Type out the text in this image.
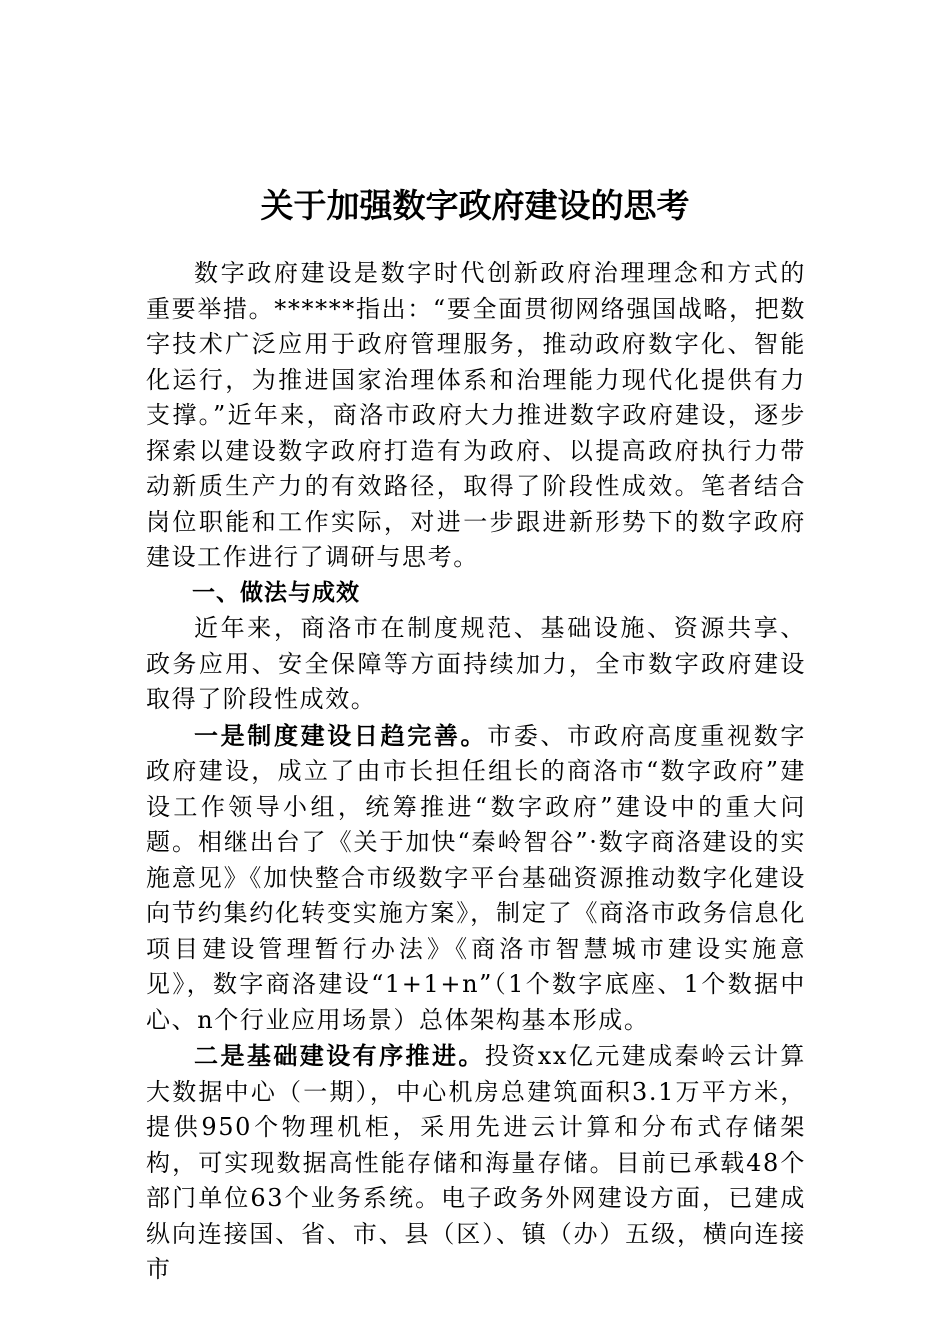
关于加强数字政府建设的思考

数字政府建设是数字时代创新政府治理理念和方式的重要举措。******指出：“要全面贯彻网络强国战略，把数字技术广泛应用于政府管理服务，推动政府数字化、智能化运行，为推进国家治理体系和治理能力现代化提供有力支撑。”近年来，商洛市政府大力推进数字政府建设，逐步探索以建设数字政府打造有为政府、以提高政府执行力带动新质生产力的有效路径，取得了阶段性成效。笔者结合岗位职能和工作实际，对进一步跟进新形势下的数字政府建设工作进行了调研与思考。

一、做法与成效

近年来，商洛市在制度规范、基础设施、资源共享、政务应用、安全保障等方面持续加力，全市数字政府建设取得了阶段性成效。

一是制度建设日趋完善。市委、市政府高度重视数字政府建设，成立了由市长担任组长的商洛市“数字政府”建设工作领导小组，统筹推进“数字政府”建设中的重大问题。相继出台了《关于加快“秦岭智谷”·数字商洛建设的实施意见》《加快整合市级数字平台基础资源推动数字化建设向节约集约化转变实施方案》，制定了《商洛市政务信息化项目建设管理暂行办法》《商洛市智慧城市建设实施意见》，数字商洛建设“1+1+n”（1个数字底座、1个数据中心、n个行业应用场景）总体架构基本形成。

二是基础建设有序推进。投资xx亿元建成秦岭云计算大数据中心（一期），中心机房总建筑面积3.1万平方米，提供950个物理机柜，采用先进云计算和分布式存储架构，可实现数据高性能存储和海量存储。目前已承载48个部门单位63个业务系统。电子政务外网建设方面，已建成纵向连接国、省、市、县（区）、镇（办）五级，横向连接市
